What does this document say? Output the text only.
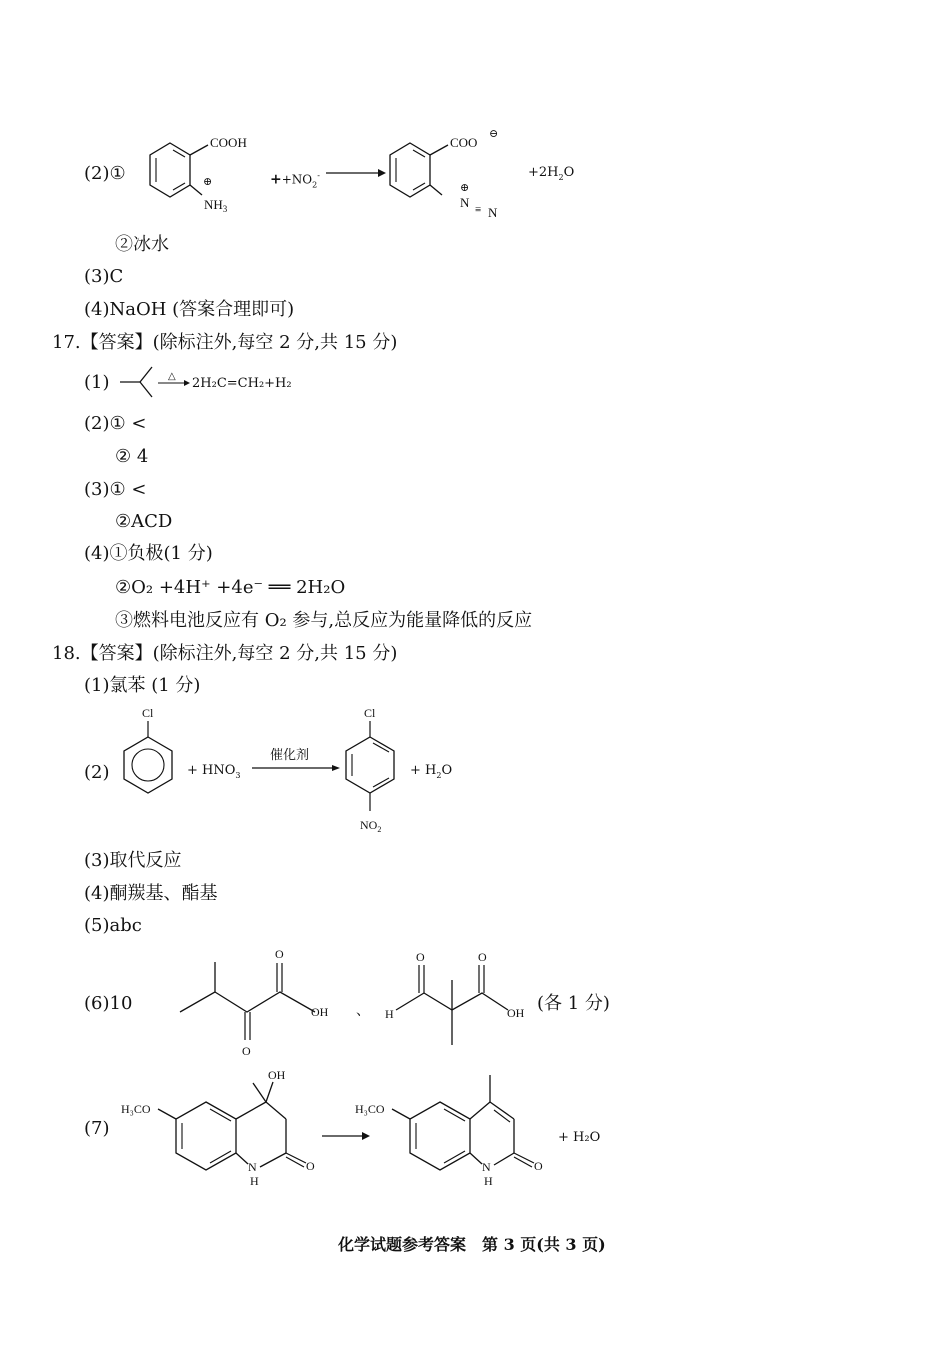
(2)①
COOH
⊕
$NH_3$
$++NO_2^-$ →
COO
⊖
⊕
N ≡ N
$+2H_2O$
②冰水
(3)C
(4)NaOH (答案合理即可)
17.【答案】(除标注外,每空 2 分,共 15 分)
(1)	△ 2H₂C=CH₂+H₂
(2)① <
② 4
(3)① <
②ACD
(4)①负极(1 分)
②O₂ +4H⁺ +4e⁻ ══ 2H₂O
③燃料电池反应有 O₂ 参与,总反应为能量降低的反应
18.【答案】(除标注外,每空 2 分,共 15 分)
(1)氯苯 (1 分)
(2)
Cl
+ $HNO_3$
催化剂
Cl
$NO_2$
+ $H_2O$
(3)取代反应
(4)酮羰基、酯基
(5)abc
(6)10
O
O
OH 、 H
O	O
OH (各 1 分)
(7)
OH
H₃CO
N
H
O
H₃CO
N
H
O
+ H₂O
化学试题参考答案　第 3 页(共 3 页)
